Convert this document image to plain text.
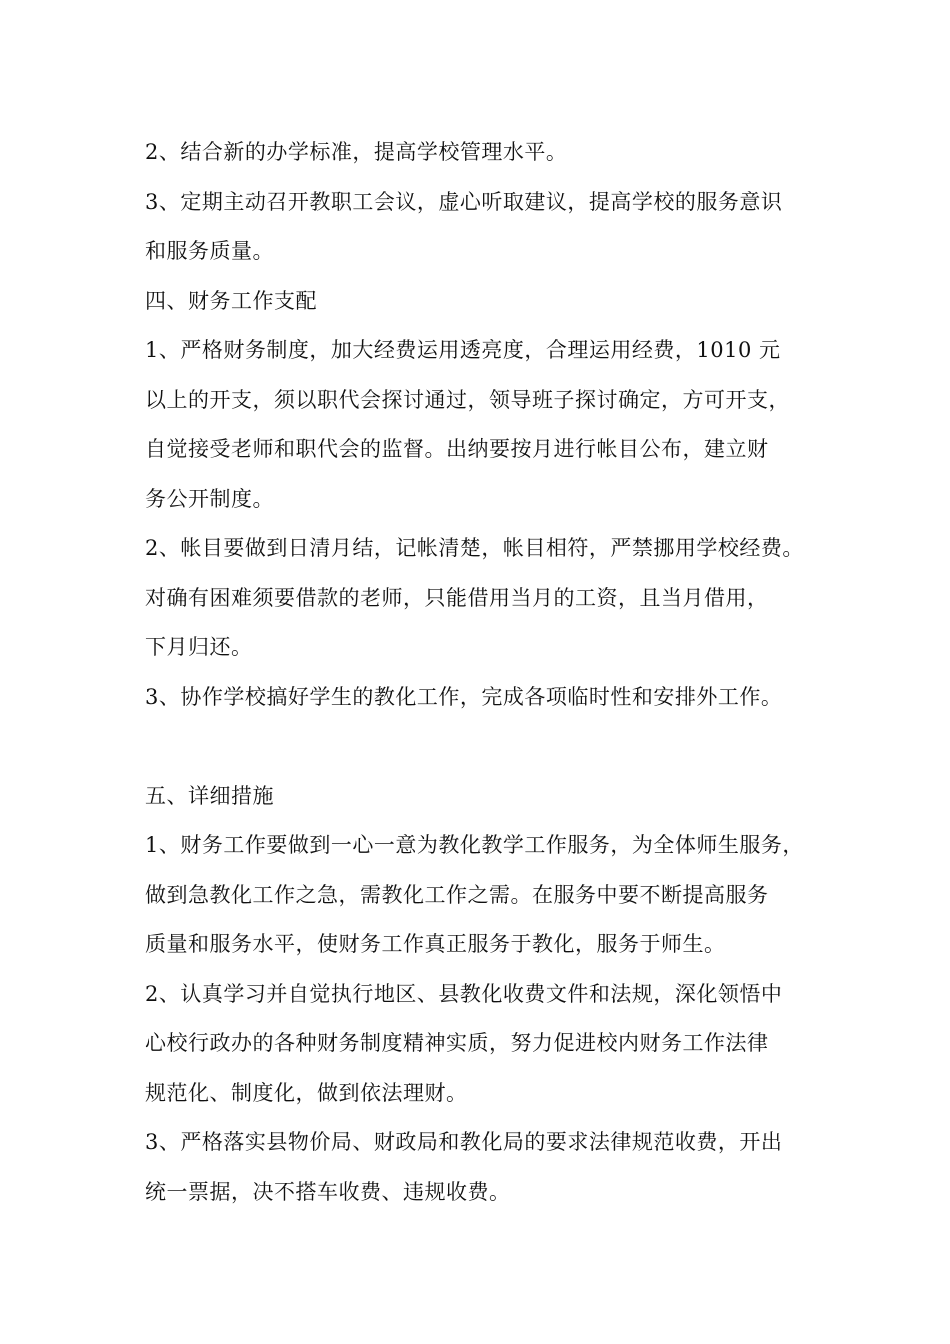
2、结合新的办学标准，提高学校管理水平。
3、定期主动召开教职工会议，虚心听取建议，提高学校的服务意识
和服务质量。
四、财务工作支配
1、严格财务制度，加大经费运用透亮度，合理运用经费，1010 元
以上的开支，须以职代会探讨通过，领导班子探讨确定，方可开支，
自觉接受老师和职代会的监督。出纳要按月进行帐目公布，建立财
务公开制度。
2、帐目要做到日清月结，记帐清楚，帐目相符，严禁挪用学校经费。
对确有困难须要借款的老师，只能借用当月的工资，且当月借用，
下月归还。
3、协作学校搞好学生的教化工作，完成各项临时性和安排外工作。
五、详细措施
1、财务工作要做到一心一意为教化教学工作服务，为全体师生服务，
做到急教化工作之急，需教化工作之需。在服务中要不断提高服务
质量和服务水平，使财务工作真正服务于教化，服务于师生。
2、认真学习并自觉执行地区、县教化收费文件和法规，深化领悟中
心校行政办的各种财务制度精神实质，努力促进校内财务工作法律
规范化、制度化，做到依法理财。
3、严格落实县物价局、财政局和教化局的要求法律规范收费，开出
统一票据，决不搭车收费、违规收费。
